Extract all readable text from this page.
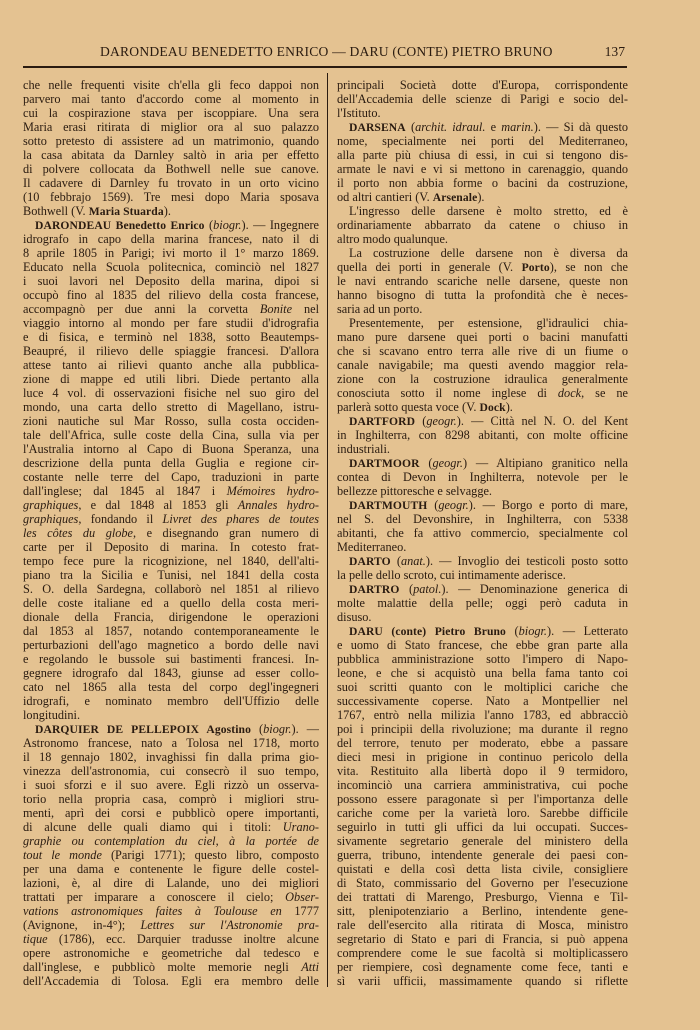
DARONDEAU BENEDETTO ENRICO — DARU (CONTE) PIETRO BRUNO	137
che nelle frequenti visite ch'ella gli feco dappoi non
parvero mai tanto d'accordo come al momento in
cui la cospirazione stava per iscoppiare. Una sera
Maria erasi ritirata di miglior ora al suo palazzo
sotto pretesto di assistere ad un matrimonio, quando
la casa abitata da Darnley saltò in aria per effetto
di polvere collocata da Bothwell nelle sue canove.
Il cadavere di Darnley fu trovato in un orto vicino
(10 febbrajo 1569). Tre mesi dopo Maria sposava
Bothwell (V. Maria Stuarda).
DARONDEAU Benedetto Enrico (biogr.). — Ingegnere
idrografo in capo della marina francese, nato il di
8 aprile 1805 in Parigi; ivi morto il 1° marzo 1869.
Educato nella Scuola politecnica, cominciò nel 1827
i suoi lavori nel Deposito della marina, dipoi si
occupò fino al 1835 del rilievo della costa francese,
accompagnò per due anni la corvetta Bonite nel
viaggio intorno al mondo per fare studii d'idrografia
e di fisica, e terminò nel 1838, sotto Beautemps-
Beaupré, il rilievo delle spiaggie francesi. D'allora
attese tanto ai rilievi quanto anche alla pubblica-
zione di mappe ed utili libri. Diede pertanto alla
luce 4 vol. di osservazioni fisiche nel suo giro del
mondo, una carta dello stretto di Magellano, istru-
zioni nautiche sul Mar Rosso, sulla costa occiden-
tale dell'Africa, sulle coste della Cina, sulla via per
l'Australia intorno al Capo di Buona Speranza, una
descrizione della punta della Guglia e regione cir-
costante nelle terre del Capo, traduzioni in parte
dall'inglese; dal 1845 al 1847 i Mémoires hydro-
graphiques, e dal 1848 al 1853 gli Annales hydro-
graphiques, fondando il Livret des phares de toutes
les côtes du globe, e disegnando gran numero di
carte per il Deposito di marina. In cotesto frat-
tempo fece pure la ricognizione, nel 1840, dell'alti-
piano tra la Sicilia e Tunisi, nel 1841 della costa
S. O. della Sardegna, collaborò nel 1851 al rilievo
delle coste italiane ed a quello della costa meri-
dionale della Francia, dirigendone le operazioni
dal 1853 al 1857, notando contemporaneamente le
perturbazioni dell'ago magnetico a bordo delle navi
e regolando le bussole sui bastimenti francesi. In-
gegnere idrografo dal 1843, giunse ad esser collo-
cato nel 1865 alla testa del corpo degl'ingegneri
idrografi, e nominato membro dell'Uffizio delle
longitudini.
DARQUIER DE PELLEPOIX Agostino (biogr.). —
Astronomo francese, nato a Tolosa nel 1718, morto
il 18 gennajo 1802, invaghissi fin dalla prima gio-
vinezza dell'astronomia, cui consecrò il suo tempo,
i suoi sforzi e il suo avere. Egli rizzò un osserva-
torio nella propria casa, comprò i migliori stru-
menti, aprì dei corsi e pubblicò opere importanti,
di alcune delle quali diamo qui i titoli: Urano-
graphie ou contemplation du ciel, à la portée de
tout le monde (Parigi 1771); questo libro, composto
per una dama e contenente le figure delle costel-
lazioni, è, al dire di Lalande, uno dei migliori
trattati per imparare a conoscere il cielo; Obser-
vations astronomiques faites à Toulouse en 1777
(Avignone, in-4°); Lettres sur l'Astronomie pra-
tique (1786), ecc. Darquier tradusse inoltre alcune
opere astronomiche e geometriche dal tedesco e
dall'inglese, e pubblicò molte memorie negli Atti
dell'Accademia di Tolosa. Egli era membro delle
principali Società dotte d'Europa, corrispondente
dell'Accademia delle scienze di Parigi e socio del-
l'Istituto.
DARSENA (archit. idraul. e marin.). — Si dà questo
nome, specialmente nei porti del Mediterraneo,
alla parte più chiusa di essi, in cui si tengono dis-
armate le navi e vi si mettono in carenaggio, quando
il porto non abbia forme o bacini da costruzione,
od altri cantieri (V. Arsenale).
L'ingresso delle darsene è molto stretto, ed è
ordinariamente abbarrato da catene o chiuso in
altro modo qualunque.
La costruzione delle darsene non è diversa da
quella dei porti in generale (V. Porto), se non che
le navi entrando scariche nelle darsene, queste non
hanno bisogno di tutta la profondità che è neces-
saria ad un porto.
Presentemente, per estensione, gl'idraulici chia-
mano pure darsene quei porti o bacini manufatti
che si scavano entro terra alle rive di un fiume o
canale navigabile; ma questi avendo maggior rela-
zione con la costruzione idraulica generalmente
conosciuta sotto il nome inglese di dock, se ne
parlerà sotto questa voce (V. Dock).
DARTFORD (geogr.). — Città nel N. O. del Kent
in Inghilterra, con 8298 abitanti, con molte officine
industriali.
DARTMOOR (geogr.) — Altipiano granitico nella
contea di Devon in Inghilterra, notevole per le
bellezze pittoresche e selvagge.
DARTMOUTH (geogr.). — Borgo e porto di mare,
nel S. del Devonshire, in Inghilterra, con 5338
abitanti, che fa attivo commercio, specialmente col
Mediterraneo.
DARTO (anat.). — Invoglio dei testicoli posto sotto
la pelle dello scroto, cui intimamente aderisce.
DARTRO (patol.). — Denominazione generica di
molte malattie della pelle; oggi però caduta in
disuso.
DARU (conte) Pietro Bruno (biogr.). — Letterato
e uomo di Stato francese, che ebbe gran parte alla
pubblica amministrazione sotto l'impero di Napo-
leone, e che si acquistò una bella fama tanto coi
suoi scritti quanto con le moltiplici cariche che
successivamente coperse. Nato a Montpellier nel
1767, entrò nella milizia l'anno 1783, ed abbracciò
poi i principii della rivoluzione; ma durante il regno
del terrore, tenuto per moderato, ebbe a passare
dieci mesi in prigione in continuo pericolo della
vita. Restituito alla libertà dopo il 9 termidoro,
incominciò una carriera amministrativa, cui poche
possono essere paragonate sì per l'importanza delle
cariche come per la varietà loro. Sarebbe difficile
seguirlo in tutti gli uffici da lui occupati. Succes-
sivamente segretario generale del ministero della
guerra, tribuno, intendente generale dei paesi con-
quistati e della così detta lista civile, consigliere
di Stato, commissario del Governo per l'esecuzione
dei trattati di Marengo, Presburgo, Vienna e Til-
sitt, plenipotenziario a Berlino, intendente gene-
rale dell'esercito alla ritirata di Mosca, ministro
segretario di Stato e pari di Francia, si può appena
comprendere come le sue facoltà si moltiplicassero
per riempiere, così degnamente come fece, tanti e
sì varii ufficii, massimamente quando si riflette
